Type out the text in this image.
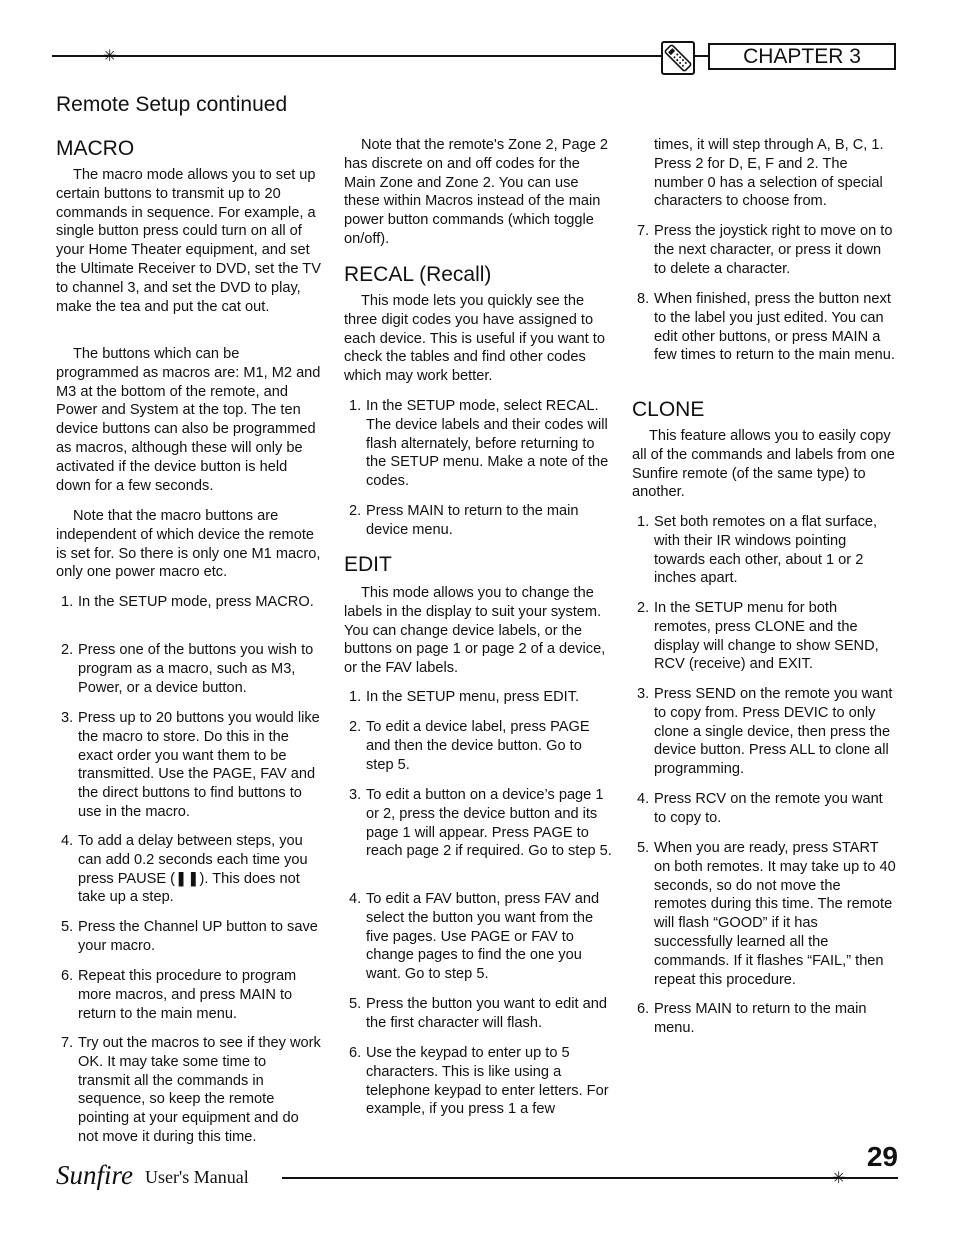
✳	CHAPTER 3
Remote Setup continued
MACRO

The macro mode allows you to set up certain buttons to transmit up to 20 commands in sequence. For example, a single button press could turn on all of your Home Theater equipment, and set the Ultimate Receiver to DVD, set the TV to channel 3, and set the DVD to play, make the tea and put the cat out.

The buttons which can be programmed as macros are: M1, M2 and M3 at the bottom of the remote, and Power and System at the top. The ten device buttons can also be programmed as macros, although these will only be activated if the device button is held down for a few seconds.

Note that the macro buttons are independent of which device the remote is set for. So there is only one M1 macro, only one power macro etc.

1. In the SETUP mode, press MACRO.
2. Press one of the buttons you wish to program as a macro, such as M3, Power, or a device button.
3. Press up to 20 buttons you would like the macro to store. Do this in the exact order you want them to be transmitted. Use the PAGE, FAV and the direct buttons to find buttons to use in the macro.
4. To add a delay between steps, you can add 0.2 seconds each time you press PAUSE (❚❚). This does not take up a step.
5. Press the Channel UP button to save your macro.
6. Repeat this procedure to program more macros, and press MAIN to return to the main menu.
7. Try out the macros to see if they work OK. It may take some time to transmit all the commands in sequence, so keep the remote pointing at your equipment and do not move it during this time.

Note that the remote's Zone 2, Page 2 has discrete on and off codes for the Main Zone and Zone 2. You can use these within Macros instead of the main power button commands (which toggle on/off).

RECAL (Recall)

This mode lets you quickly see the three digit codes you have assigned to each device. This is useful if you want to check the tables and find other codes which may work better.

1. In the SETUP mode, select RECAL. The device labels and their codes will flash alternately, before returning to the SETUP menu. Make a note of the codes.
2. Press MAIN to return to the main device menu.
EDIT

This mode allows you to change the labels in the display to suit your system. You can change device labels, or the buttons on page 1 or page 2 of a device, or the FAV labels.

1. In the SETUP menu, press EDIT.
2. To edit a device label, press PAGE and then the device button. Go to step 5.
3. To edit a button on a device’s page 1 or 2, press the device button and its page 1 will appear. Press PAGE to reach page 2 if required. Go to step 5.
4. To edit a FAV button, press FAV and select the button you want from the five pages. Use PAGE or FAV to change pages to find the one you want. Go to step 5.
5. Press the button you want to edit and the first character will flash.
6. Use the keypad to enter up to 5 characters. This is like using a telephone keypad to enter letters. For example, if you press 1 a few

times, it will step through A, B, C, 1. Press 2 for D, E, F and 2. The number 0 has a selection of special characters to choose from.

7. Press the joystick right to move on to the next character, or press it down to delete a character.
8. When finished, press the button next to the label you just edited. You can edit other buttons, or press MAIN a few times to return to the main menu.
CLONE

This feature allows you to easily copy all of the commands and labels from one Sunfire remote (of the same type) to another.

1. Set both remotes on a flat surface, with their IR windows pointing towards each other, about 1 or 2 inches apart.
2. In the SETUP menu for both remotes, press CLONE and the display will change to show SEND, RCV (receive) and EXIT.
3. Press SEND on the remote you want to copy from. Press DEVIC to only clone a single device, then press the device button. Press ALL to clone all programming.
4. Press RCV on the remote you want to copy to.
5. When you are ready, press START on both remotes. It may take up to 40 seconds, so do not move the remotes during this time. The remote will flash “GOOD” if it has successfully learned all the commands. If it flashes “FAIL,” then repeat this procedure.
6. Press MAIN to return to the main menu.
29
Sunfire User's Manual	✳
